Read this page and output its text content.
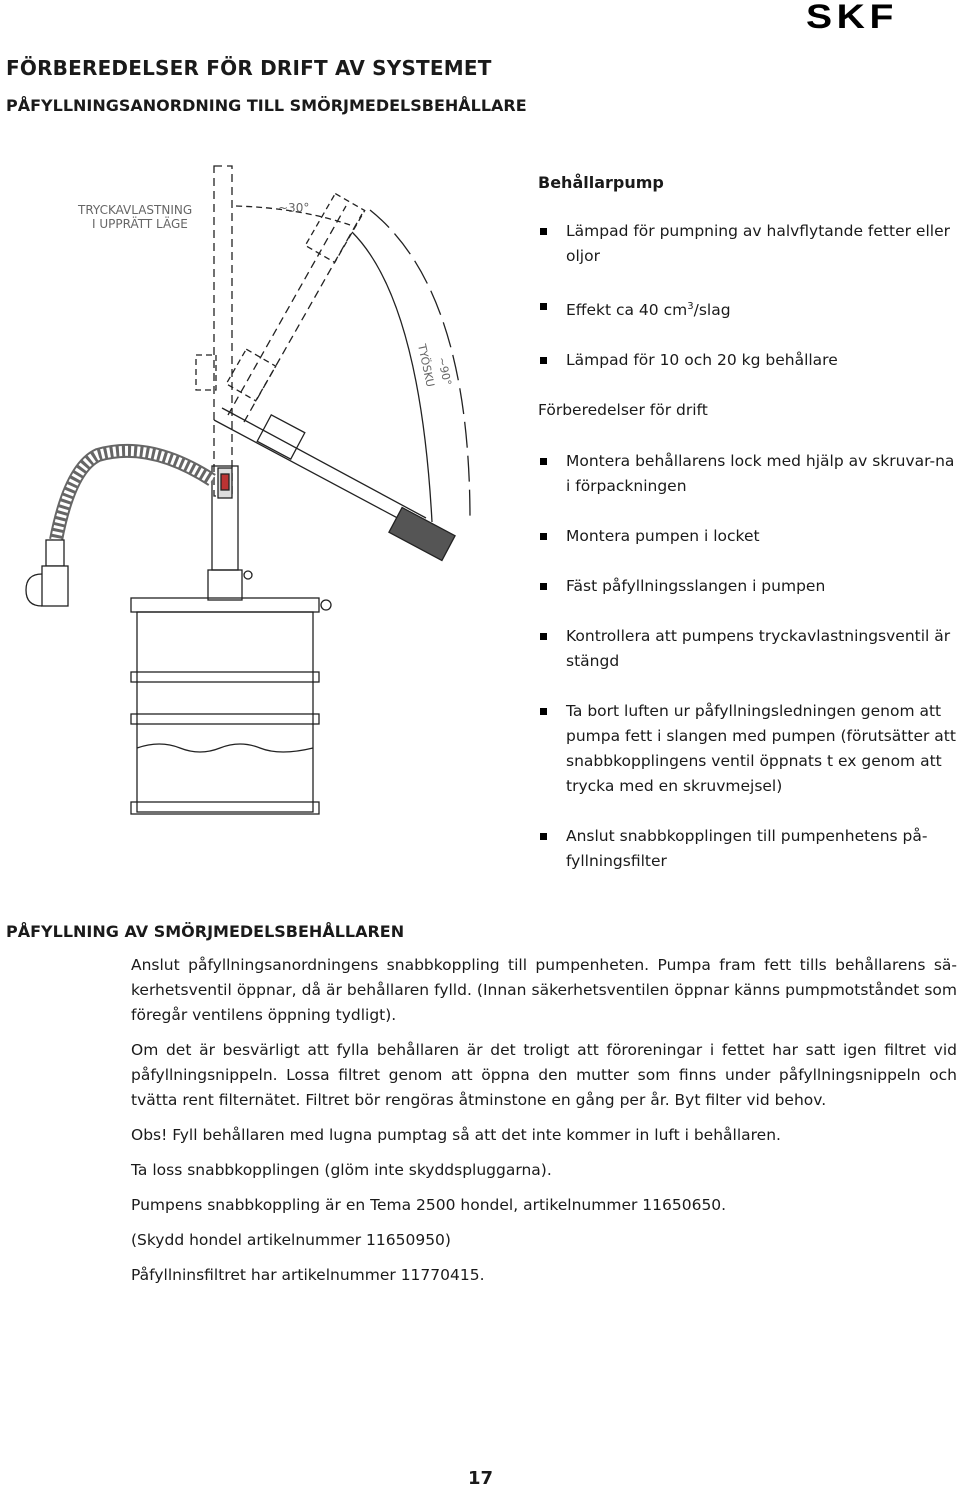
SKF
FÖRBEREDELSER FÖR DRIFT AV SYSTEMET
PÅFYLLNINGSANORDNING TILL SMÖRJMEDELSBEHÅLLARE
TRYCKAVLASTNING
I UPPRÄTT LÄGE
~30°
TYÖSKU
~90°
Behållarpump
Lämpad för pumpning av halvflytande fetter eller oljor
Effekt ca 40 $cm^3$/slag
Lämpad för 10 och 20 kg behållare
Förberedelser för drift
Montera behållarens lock med hjälp av skruvar-na i förpackningen
Montera pumpen i locket
Fäst påfyllningsslangen i pumpen
Kontrollera att pumpens tryckavlastningsventil är stängd
Ta bort luften ur påfyllningsledningen genom att pumpa fett i slangen med pumpen (förutsätter att snabbkopplingens ventil öppnats t ex genom att trycka med en skruvmejsel)
Anslut snabbkopplingen till pumpenhetens på-fyllningsfilter
PÅFYLLNING AV SMÖRJMEDELSBEHÅLLAREN

Anslut påfyllningsanordningens snabbkoppling till pumpenheten. Pumpa fram fett tills behållarens sä-kerhetsventil öppnar, då är behållaren fylld. (Innan säkerhetsventilen öppnar känns pumpmotståndet som föregår ventilens öppning tydligt).

Om det är besvärligt att fylla behållaren är det troligt att föroreningar i fettet har satt igen filtret vid påfyllningsnippeln. Lossa filtret genom att öppna den mutter som finns under påfyllningsnippeln och tvätta rent filternätet. Filtret bör rengöras åtminstone en gång per år. Byt filter vid behov.

Obs! Fyll behållaren med lugna pumptag så att det inte kommer in luft i behållaren.

Ta loss snabbkopplingen (glöm inte skyddspluggarna).

Pumpens snabbkoppling är en Tema 2500 hondel, artikelnummer 11650650.

(Skydd hondel artikelnummer 11650950)

Påfyllninsfiltret har artikelnummer 11770415.

17
